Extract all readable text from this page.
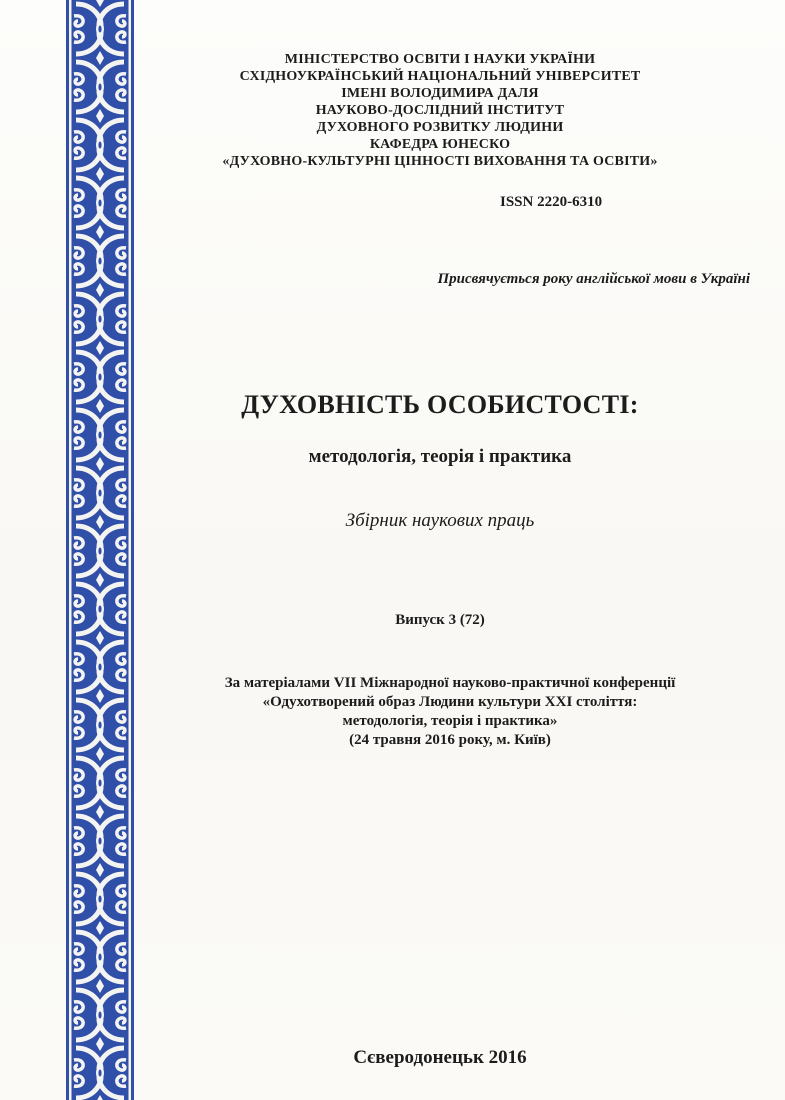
МІНІСТЕРСТВО ОСВІТИ І НАУКИ УКРАЇНИ

СХІДНОУКРАЇНСЬКИЙ НАЦІОНАЛЬНИЙ УНІВЕРСИТЕТ

ІМЕНІ ВОЛОДИМИРА ДАЛЯ

НАУКОВО-ДОСЛІДНИЙ ІНСТИТУТ

ДУХОВНОГО РОЗВИТКУ ЛЮДИНИ

КАФЕДРА ЮНЕСКО

«ДУХОВНО-КУЛЬТУРНІ ЦІННОСТІ ВИХОВАННЯ ТА ОСВІТИ»

ISSN 2220-6310

Присвячується року англійської мови в Україні

ДУХОВНІСТЬ ОСОБИСТОСТІ:

методологія, теорія і практика

Збірник наукових праць

Випуск 3 (72)

За матеріалами VII Міжнародної науково-практичної конференції

«Одухотворений образ Людини культури XXI століття:

методологія, теорія і практика»

(24 травня 2016 року, м. Київ)

Сєверодонецьк 2016
